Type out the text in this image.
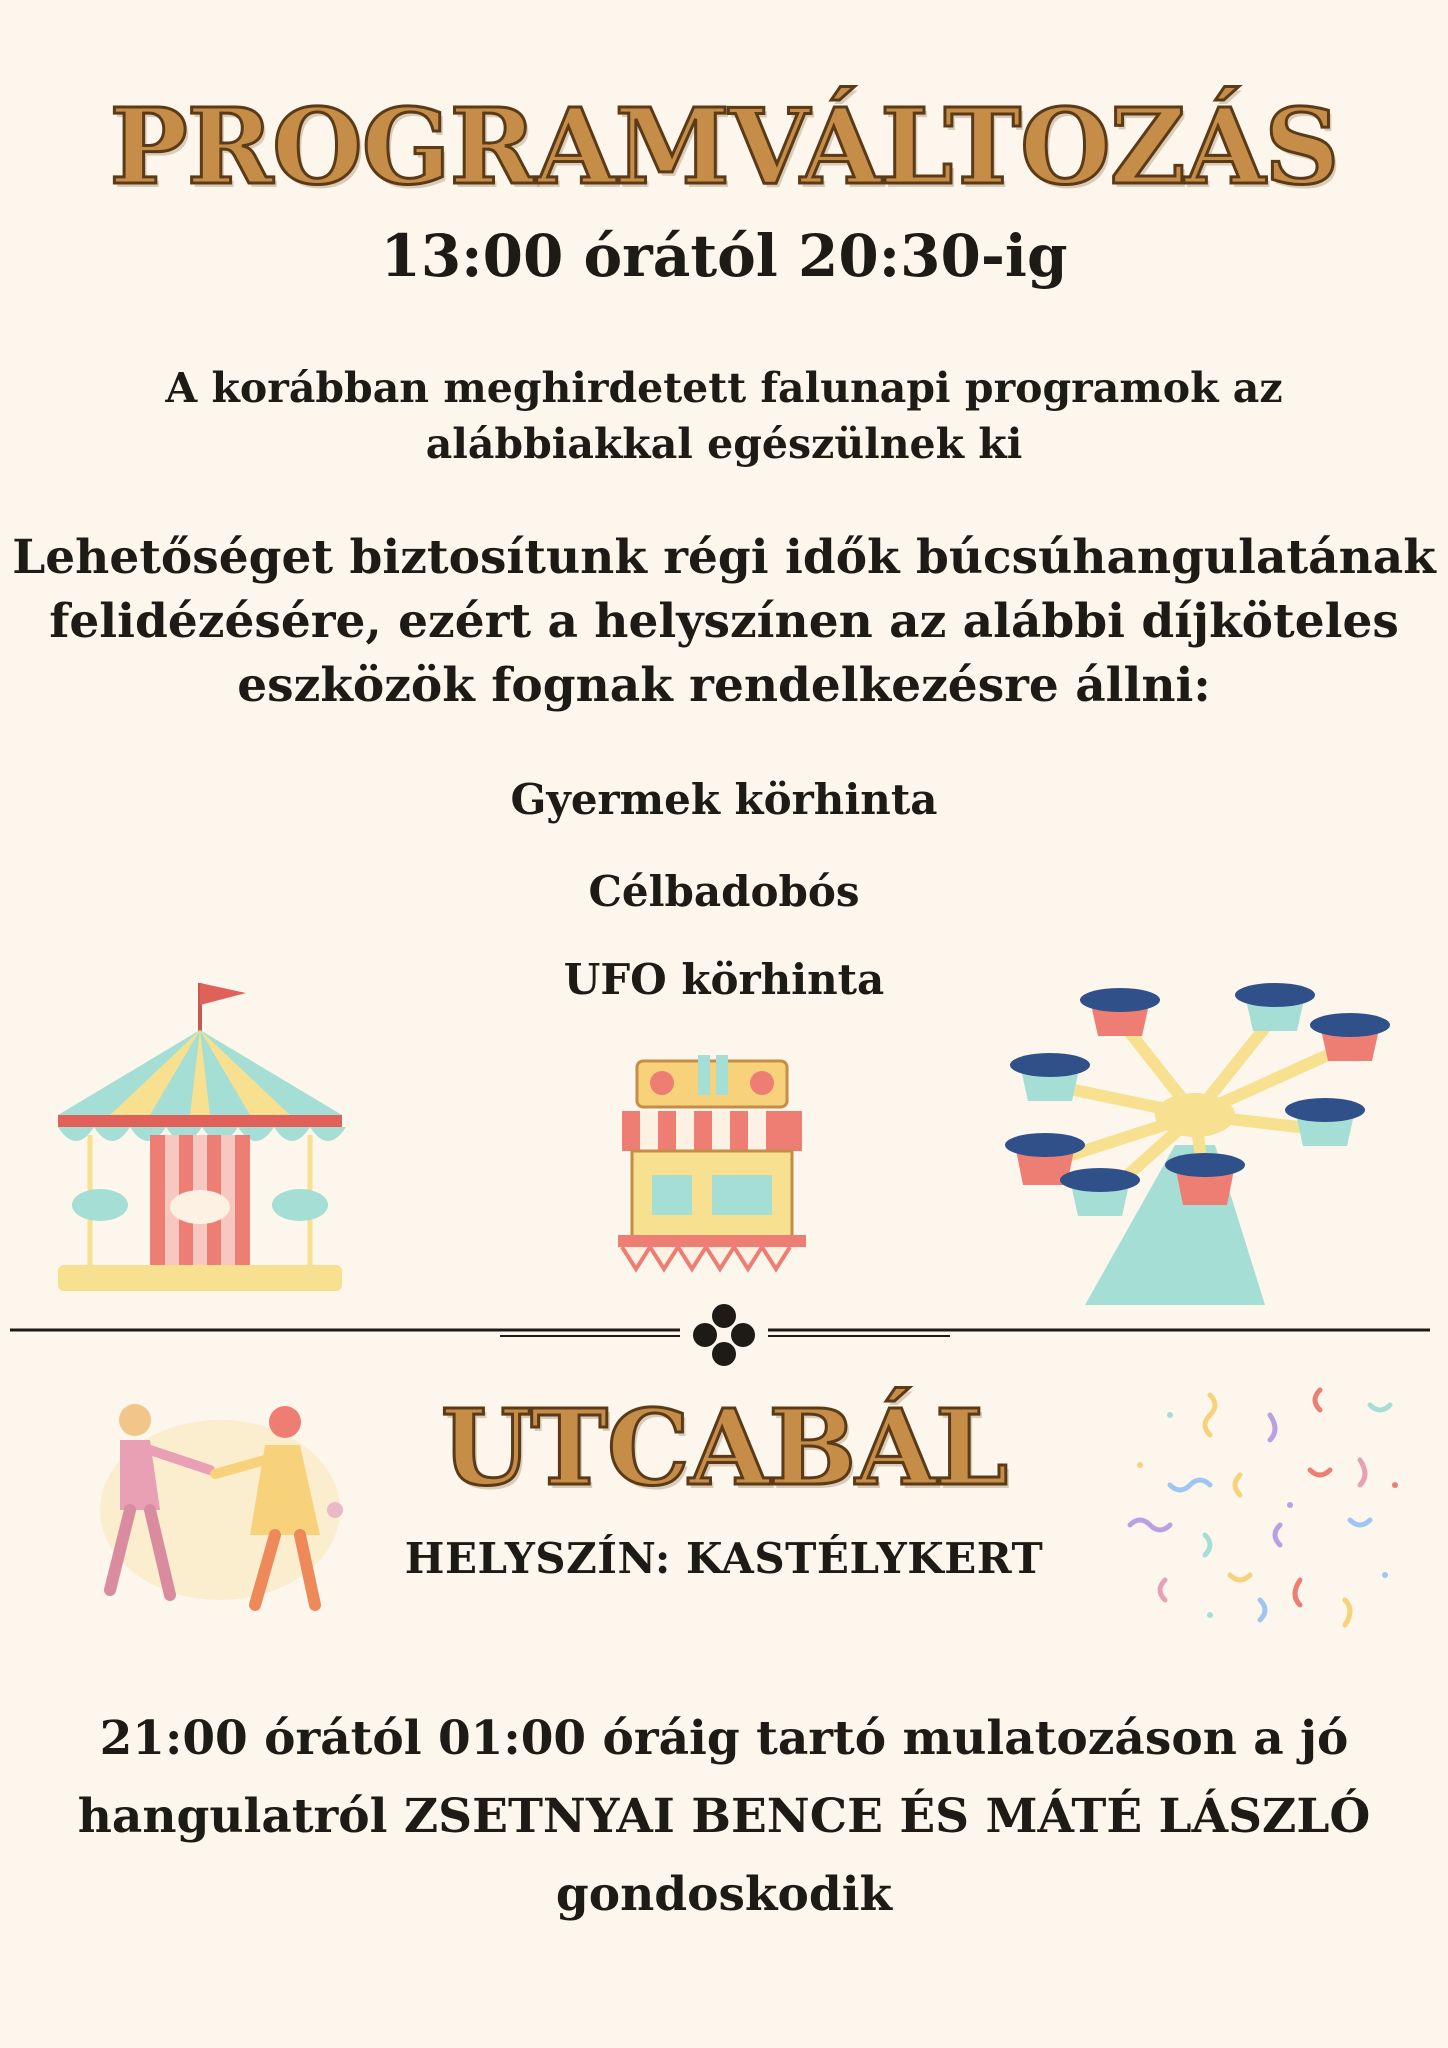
PROGRAMVÁLTOZÁS
13:00 órától 20:30-ig
A korábban meghirdetett falunapi programok az
alábbiakkal egészülnek ki
Lehetőséget biztosítunk régi idők búcsúhangulatának
felidézésére, ezért a helyszínen az alábbi díjköteles
eszközök fognak rendelkezésre állni:
Gyermek körhinta
Célbadobós
UFO körhinta
UTCABÁL
HELYSZÍN: KASTÉLYKERT
21:00 órától 01:00 óráig tartó mulatozáson a jó
hangulatról ZSETNYAI BENCE ÉS MÁTÉ LÁSZLÓ
gondoskodik
